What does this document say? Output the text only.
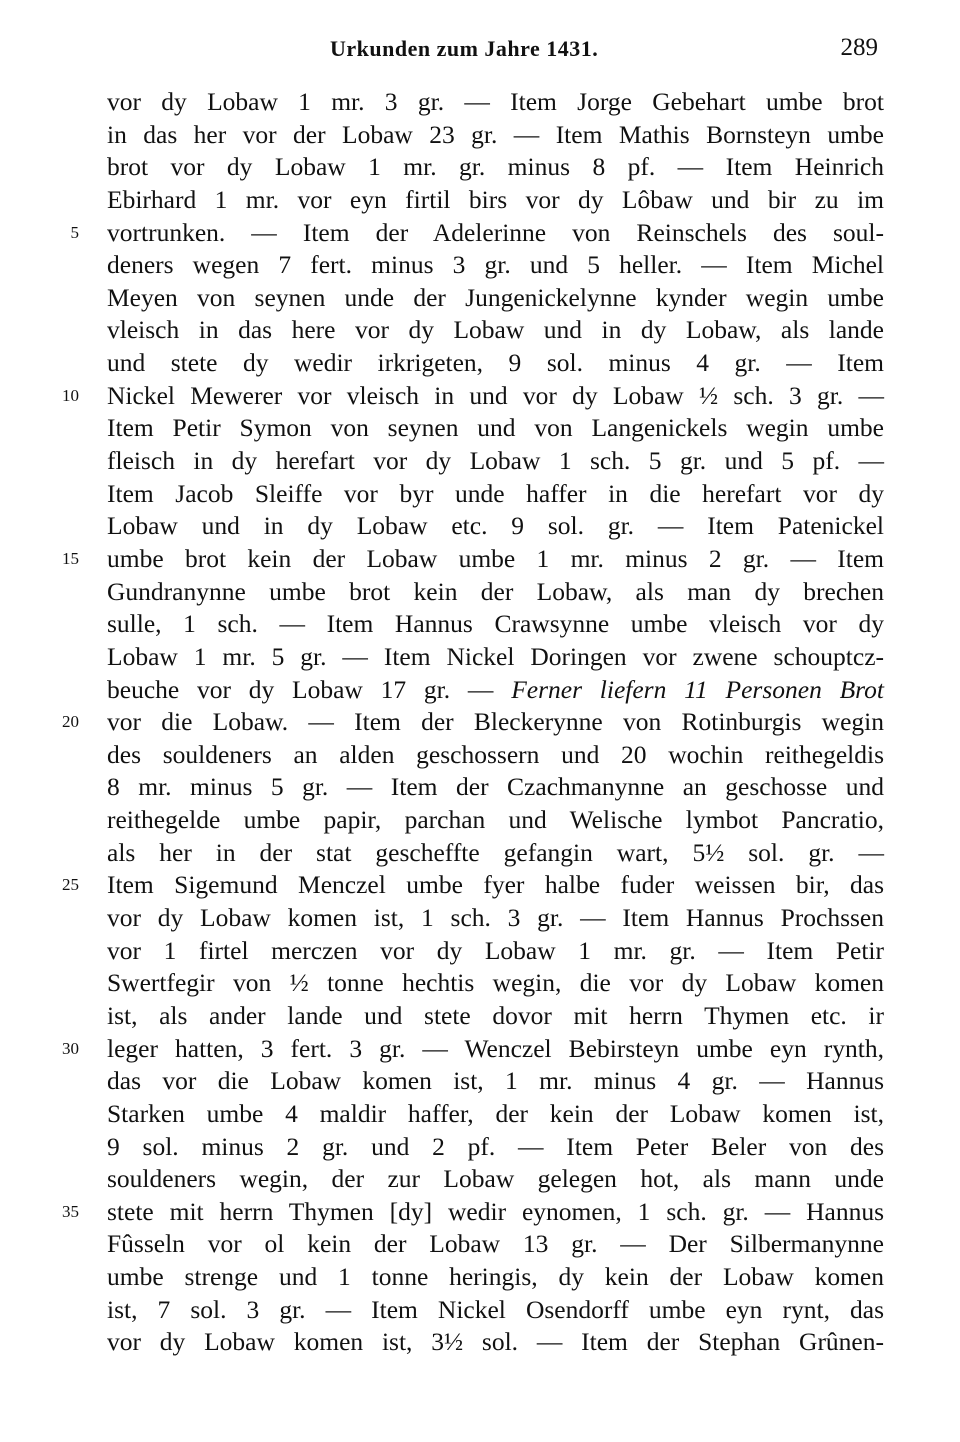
Urkunden zum Jahre 1431.	289
vor dy Lobaw 1 mr. 3 gr. — Item Jorge Gebehart umbe brot
in das her vor der Lobaw 23 gr. — Item Mathis Bornsteyn umbe
brot vor dy Lobaw 1 mr. gr. minus 8 pf. — Item Heinrich
Ebirhard 1 mr. vor eyn firtil birs vor dy Lôbaw und bir zu im
5 vortrunken. — Item der Adelerinne von Reinschels des soul-
deners wegen 7 fert. minus 3 gr. und 5 heller. — Item Michel
Meyen von seynen unde der Jungenickelynne kynder wegin umbe
vleisch in das here vor dy Lobaw und in dy Lobaw, als lande
und stete dy wedir irkrigeten, 9 sol. minus 4 gr. — Item
10 Nickel Mewerer vor vleisch in und vor dy Lobaw ½ sch. 3 gr. —
Item Petir Symon von seynen und von Langenickels wegin umbe
fleisch in dy herefart vor dy Lobaw 1 sch. 5 gr. und 5 pf. —
Item Jacob Sleiffe vor byr unde haffer in die herefart vor dy
Lobaw und in dy Lobaw etc. 9 sol. gr. — Item Patenickel
15 umbe brot kein der Lobaw umbe 1 mr. minus 2 gr. — Item
Gundranynne umbe brot kein der Lobaw, als man dy brechen
sulle, 1 sch. — Item Hannus Crawsynne umbe vleisch vor dy
Lobaw 1 mr. 5 gr. — Item Nickel Doringen vor zwene schouptcz-
beuche vor dy Lobaw 17 gr. — Ferner liefern 11 Personen Brot
20 vor die Lobaw. — Item der Bleckerynne von Rotinburgis wegin
des souldeners an alden geschossern und 20 wochin reithegeldis
8 mr. minus 5 gr. — Item der Czachmanynne an geschosse und
reithegelde umbe papir, parchan und Welische lymbot Pancratio,
als her in der stat gescheffte gefangin wart, 5½ sol. gr. —
25 Item Sigemund Menczel umbe fyer halbe fuder weissen bir, das
vor dy Lobaw komen ist, 1 sch. 3 gr. — Item Hannus Prochssen
vor 1 firtel merczen vor dy Lobaw 1 mr. gr. — Item Petir
Swertfegir von ½ tonne hechtis wegin, die vor dy Lobaw komen
ist, als ander lande und stete dovor mit herrn Thymen etc. ir
30 leger hatten, 3 fert. 3 gr. — Wenczel Bebirsteyn umbe eyn rynth,
das vor die Lobaw komen ist, 1 mr. minus 4 gr. — Hannus
Starken umbe 4 maldir haffer, der kein der Lobaw komen ist,
9 sol. minus 2 gr. und 2 pf. — Item Peter Beler von des
souldeners wegin, der zur Lobaw gelegen hot, als mann unde
35 stete mit herrn Thymen [dy] wedir eynomen, 1 sch. gr. — Hannus
Fûsseln vor ol kein der Lobaw 13 gr. — Der Silbermanynne
umbe strenge und 1 tonne heringis, dy kein der Lobaw komen
ist, 7 sol. 3 gr. — Item Nickel Osendorff umbe eyn rynt, das
vor dy Lobaw komen ist, 3½ sol. — Item der Stephan Grûnen-
